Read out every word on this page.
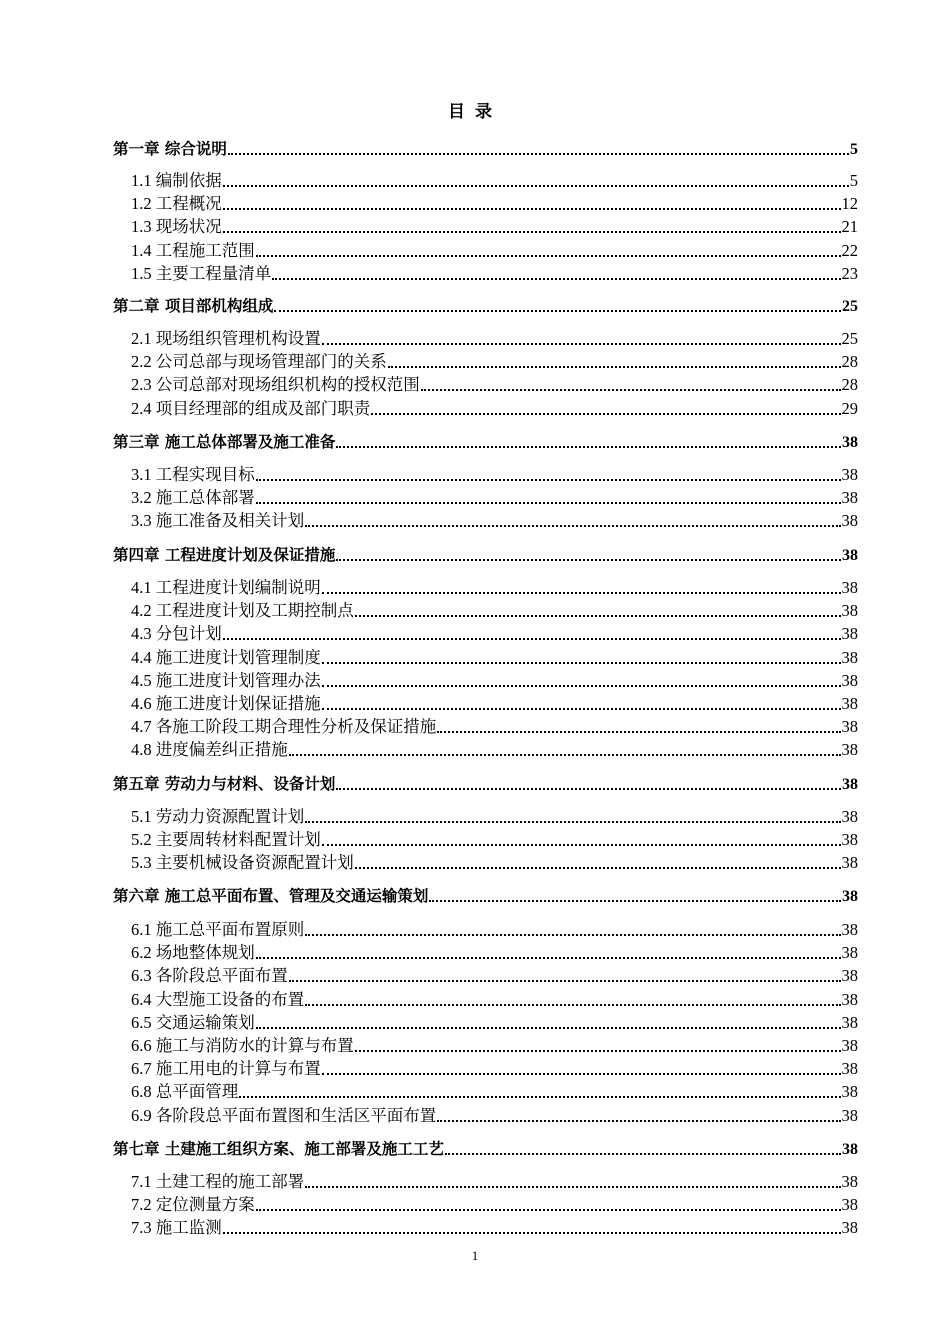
目录
第一章 综合说明	5
1.1 编制依据	5
1.2 工程概况	12
1.3 现场状况	21
1.4 工程施工范围	22
1.5 主要工程量清单	23
第二章 项目部机构组成	25
2.1 现场组织管理机构设置	25
2.2 公司总部与现场管理部门的关系	28
2.3 公司总部对现场组织机构的授权范围	28
2.4 项目经理部的组成及部门职责	29
第三章 施工总体部署及施工准备	38
3.1 工程实现目标	38
3.2 施工总体部署	38
3.3 施工准备及相关计划	38
第四章 工程进度计划及保证措施	38
4.1 工程进度计划编制说明	38
4.2 工程进度计划及工期控制点	38
4.3 分包计划	38
4.4 施工进度计划管理制度	38
4.5 施工进度计划管理办法	38
4.6 施工进度计划保证措施	38
4.7 各施工阶段工期合理性分析及保证措施	38
4.8 进度偏差纠正措施	38
第五章 劳动力与材料、设备计划	38
5.1 劳动力资源配置计划	38
5.2 主要周转材料配置计划	38
5.3 主要机械设备资源配置计划	38
第六章 施工总平面布置、管理及交通运输策划	38
6.1 施工总平面布置原则	38
6.2 场地整体规划	38
6.3 各阶段总平面布置	38
6.4 大型施工设备的布置	38
6.5 交通运输策划	38
6.6 施工与消防水的计算与布置	38
6.7 施工用电的计算与布置	38
6.8 总平面管理	38
6.9 各阶段总平面布置图和生活区平面布置	38
第七章 土建施工组织方案、施工部署及施工工艺	38
7.1 土建工程的施工部署	38
7.2 定位测量方案	38
7.3 施工监测	38
1
